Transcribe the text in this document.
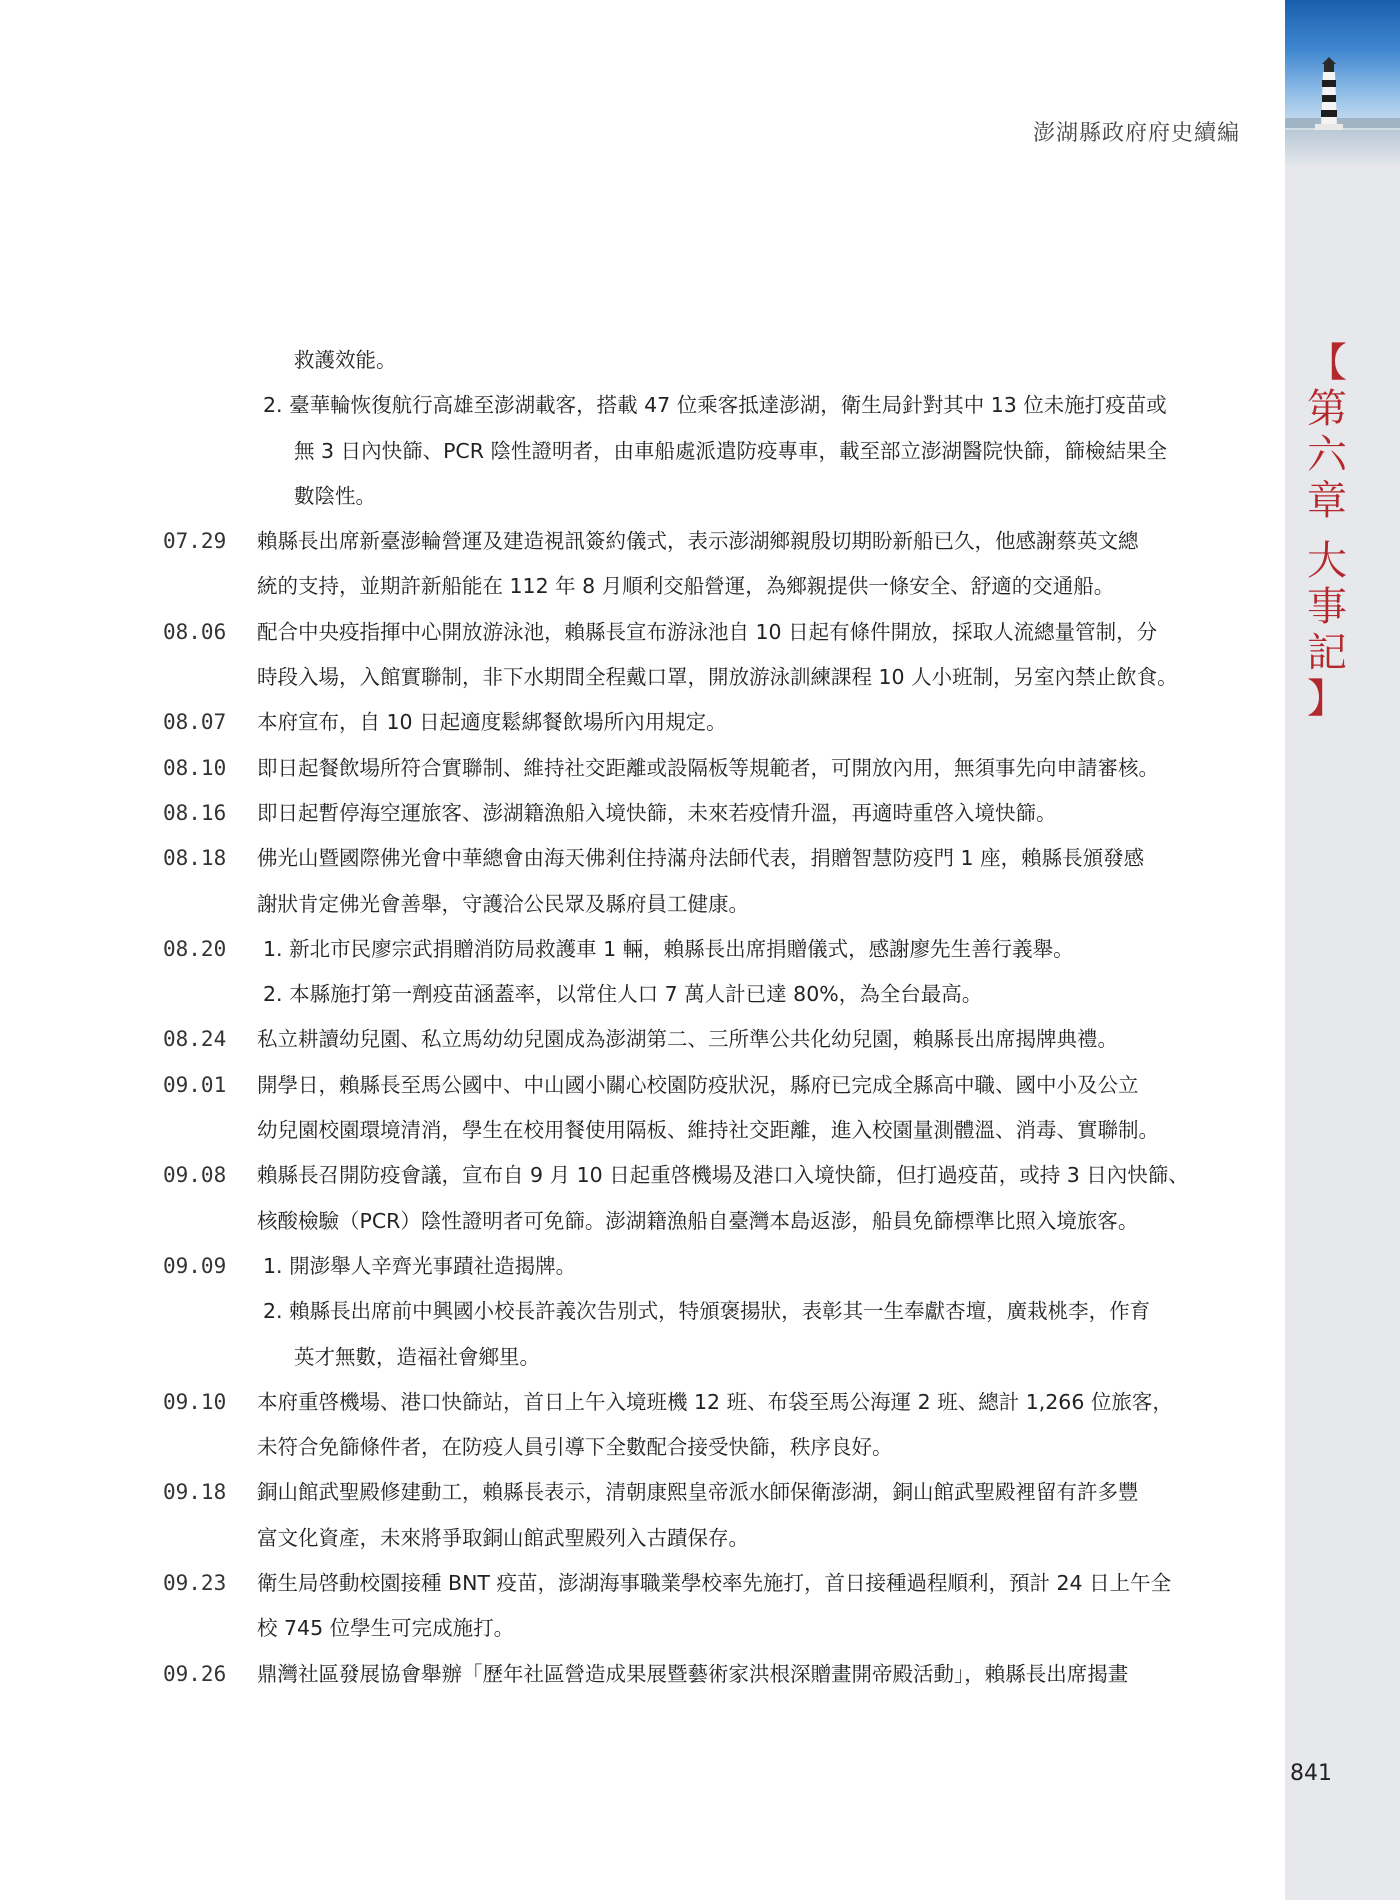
【
第六章
大事記
】
澎湖縣政府府史續編
救護效能。
2. 臺華輪恢復航行高雄至澎湖載客，搭載 47 位乘客抵達澎湖，衛生局針對其中 13 位未施打疫苗或
無 3 日內快篩、PCR 陰性證明者，由車船處派遣防疫專車，載至部立澎湖醫院快篩，篩檢結果全
數陰性。
07.29 賴縣長出席新臺澎輪營運及建造視訊簽約儀式，表示澎湖鄉親殷切期盼新船已久，他感謝蔡英文總
統的支持，並期許新船能在 112 年 8 月順利交船營運，為鄉親提供一條安全、舒適的交通船。
08.06 配合中央疫指揮中心開放游泳池，賴縣長宣布游泳池自 10 日起有條件開放，採取人流總量管制，分
時段入場，入館實聯制，非下水期間全程戴口罩，開放游泳訓練課程 10 人小班制，另室內禁止飲食。
08.07 本府宣布，自 10 日起適度鬆綁餐飲場所內用規定。
08.10 即日起餐飲場所符合實聯制、維持社交距離或設隔板等規範者，可開放內用，無須事先向申請審核。
08.16 即日起暫停海空運旅客、澎湖籍漁船入境快篩，未來若疫情升溫，再適時重啓入境快篩。
08.18 佛光山暨國際佛光會中華總會由海天佛剎住持滿舟法師代表，捐贈智慧防疫門 1 座，賴縣長頒發感
謝狀肯定佛光會善舉，守護洽公民眾及縣府員工健康。
08.20 1. 新北市民廖宗武捐贈消防局救護車 1 輛，賴縣長出席捐贈儀式，感謝廖先生善行義舉。
2. 本縣施打第一劑疫苗涵蓋率，以常住人口 7 萬人計已達 80%，為全台最高。
08.24 私立耕讀幼兒園、私立馬幼幼兒園成為澎湖第二、三所準公共化幼兒園，賴縣長出席揭牌典禮。
09.01 開學日，賴縣長至馬公國中、中山國小關心校園防疫狀況，縣府已完成全縣高中職、國中小及公立
幼兒園校園環境清消，學生在校用餐使用隔板、維持社交距離，進入校園量測體溫、消毒、實聯制。
09.08 賴縣長召開防疫會議，宣布自 9 月 10 日起重啓機場及港口入境快篩，但打過疫苗，或持 3 日內快篩、
核酸檢驗（PCR）陰性證明者可免篩。澎湖籍漁船自臺灣本島返澎，船員免篩標準比照入境旅客。
09.09 1. 開澎舉人辛齊光事蹟社造揭牌。
2. 賴縣長出席前中興國小校長許義次告別式，特頒褒揚狀，表彰其一生奉獻杏壇，廣栽桃李，作育
英才無數，造福社會鄉里。
09.10 本府重啓機場、港口快篩站，首日上午入境班機 12 班、布袋至馬公海運 2 班、總計 1,266 位旅客，
未符合免篩條件者，在防疫人員引導下全數配合接受快篩，秩序良好。
09.18 銅山館武聖殿修建動工，賴縣長表示，清朝康熙皇帝派水師保衛澎湖，銅山館武聖殿裡留有許多豐
富文化資產，未來將爭取銅山館武聖殿列入古蹟保存。
09.23 衛生局啓動校園接種 BNT 疫苗，澎湖海事職業學校率先施打，首日接種過程順利，預計 24 日上午全
校 745 位學生可完成施打。
09.26 鼎灣社區發展協會舉辦「歷年社區營造成果展暨藝術家洪根深贈畫開帝殿活動」，賴縣長出席揭畫
841
